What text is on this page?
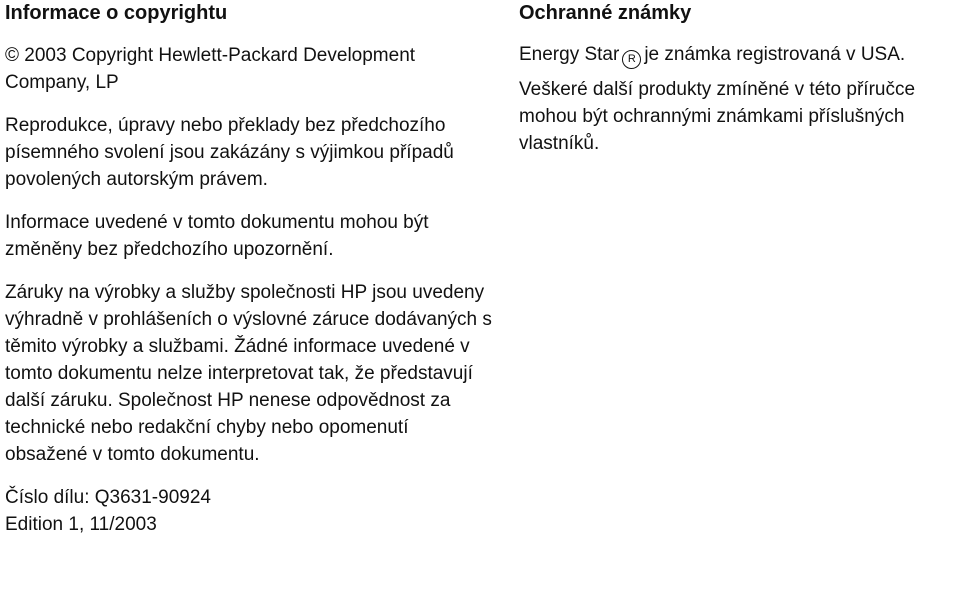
Informace o copyrightu

© 2003 Copyright Hewlett-Packard Development Company, LP

Reprodukce, úpravy nebo překlady bez předchozího písemného svolení jsou zakázány s výjimkou případů povolených autorským právem.

Informace uvedené v tomto dokumentu mohou být změněny bez předchozího upozornění.

Záruky na výrobky a služby společnosti HP jsou uvedeny výhradně v prohlášeních o výslovné záruce dodávaných s těmito výrobky a službami. Žádné informace uvedené v tomto dokumentu nelze interpretovat tak, že představují další záruku. Společnost HP nenese odpovědnost za technické nebo redakční chyby nebo opomenutí obsažené v tomto dokumentu.

Číslo dílu: Q3631-90924

Edition 1, 11/2003

Ochranné známky

Energy Star R je známka registrovaná v USA.

Veškeré další produkty zmíněné v této příručce mohou být ochrannými známkami příslušných vlastníků.
